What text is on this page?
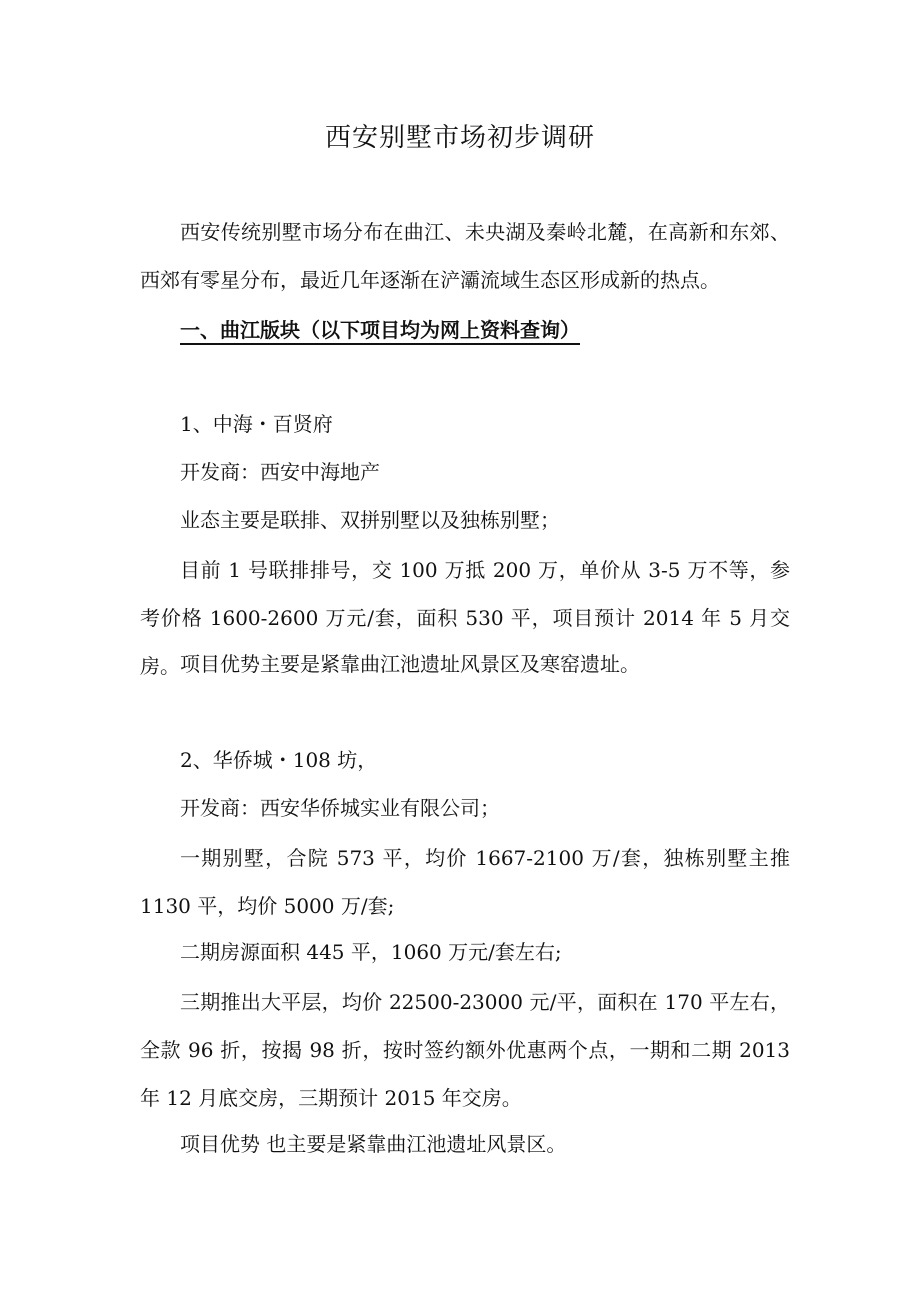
西安别墅市场初步调研
西安传统别墅市场分布在曲江、未央湖及秦岭北麓，在高新和东郊、西郊有零星分布，最近几年逐渐在浐灞流域生态区形成新的热点。
一、曲江版块（以下项目均为网上资料查询）
1、中海・百贤府
开发商：西安中海地产
业态主要是联排、双拼别墅以及独栋别墅；
目前 1 号联排排号，交 100 万抵 200 万，单价从 3-5 万不等，参考价格 1600-2600 万元/套，面积 530 平，项目预计 2014 年 5 月交房。 项目优势主要是紧靠曲江池遗址风景区及寒窑遗址。
2、华侨城・108 坊，
开发商：西安华侨城实业有限公司；
一期别墅，合院 573 平，均价 1667-2100 万/套，独栋别墅主推 1130 平，均价 5000 万/套;
二期房源面积 445 平，1060 万元/套左右;
三期推出大平层，均价 22500-23000 元/平，面积在 170 平左右，全款 96 折，按揭 98 折，按时签约额外优惠两个点，一期和二期 2013 年 12 月底交房，三期预计 2015 年交房。
项目优势 也主要是紧靠曲江池遗址风景区。
